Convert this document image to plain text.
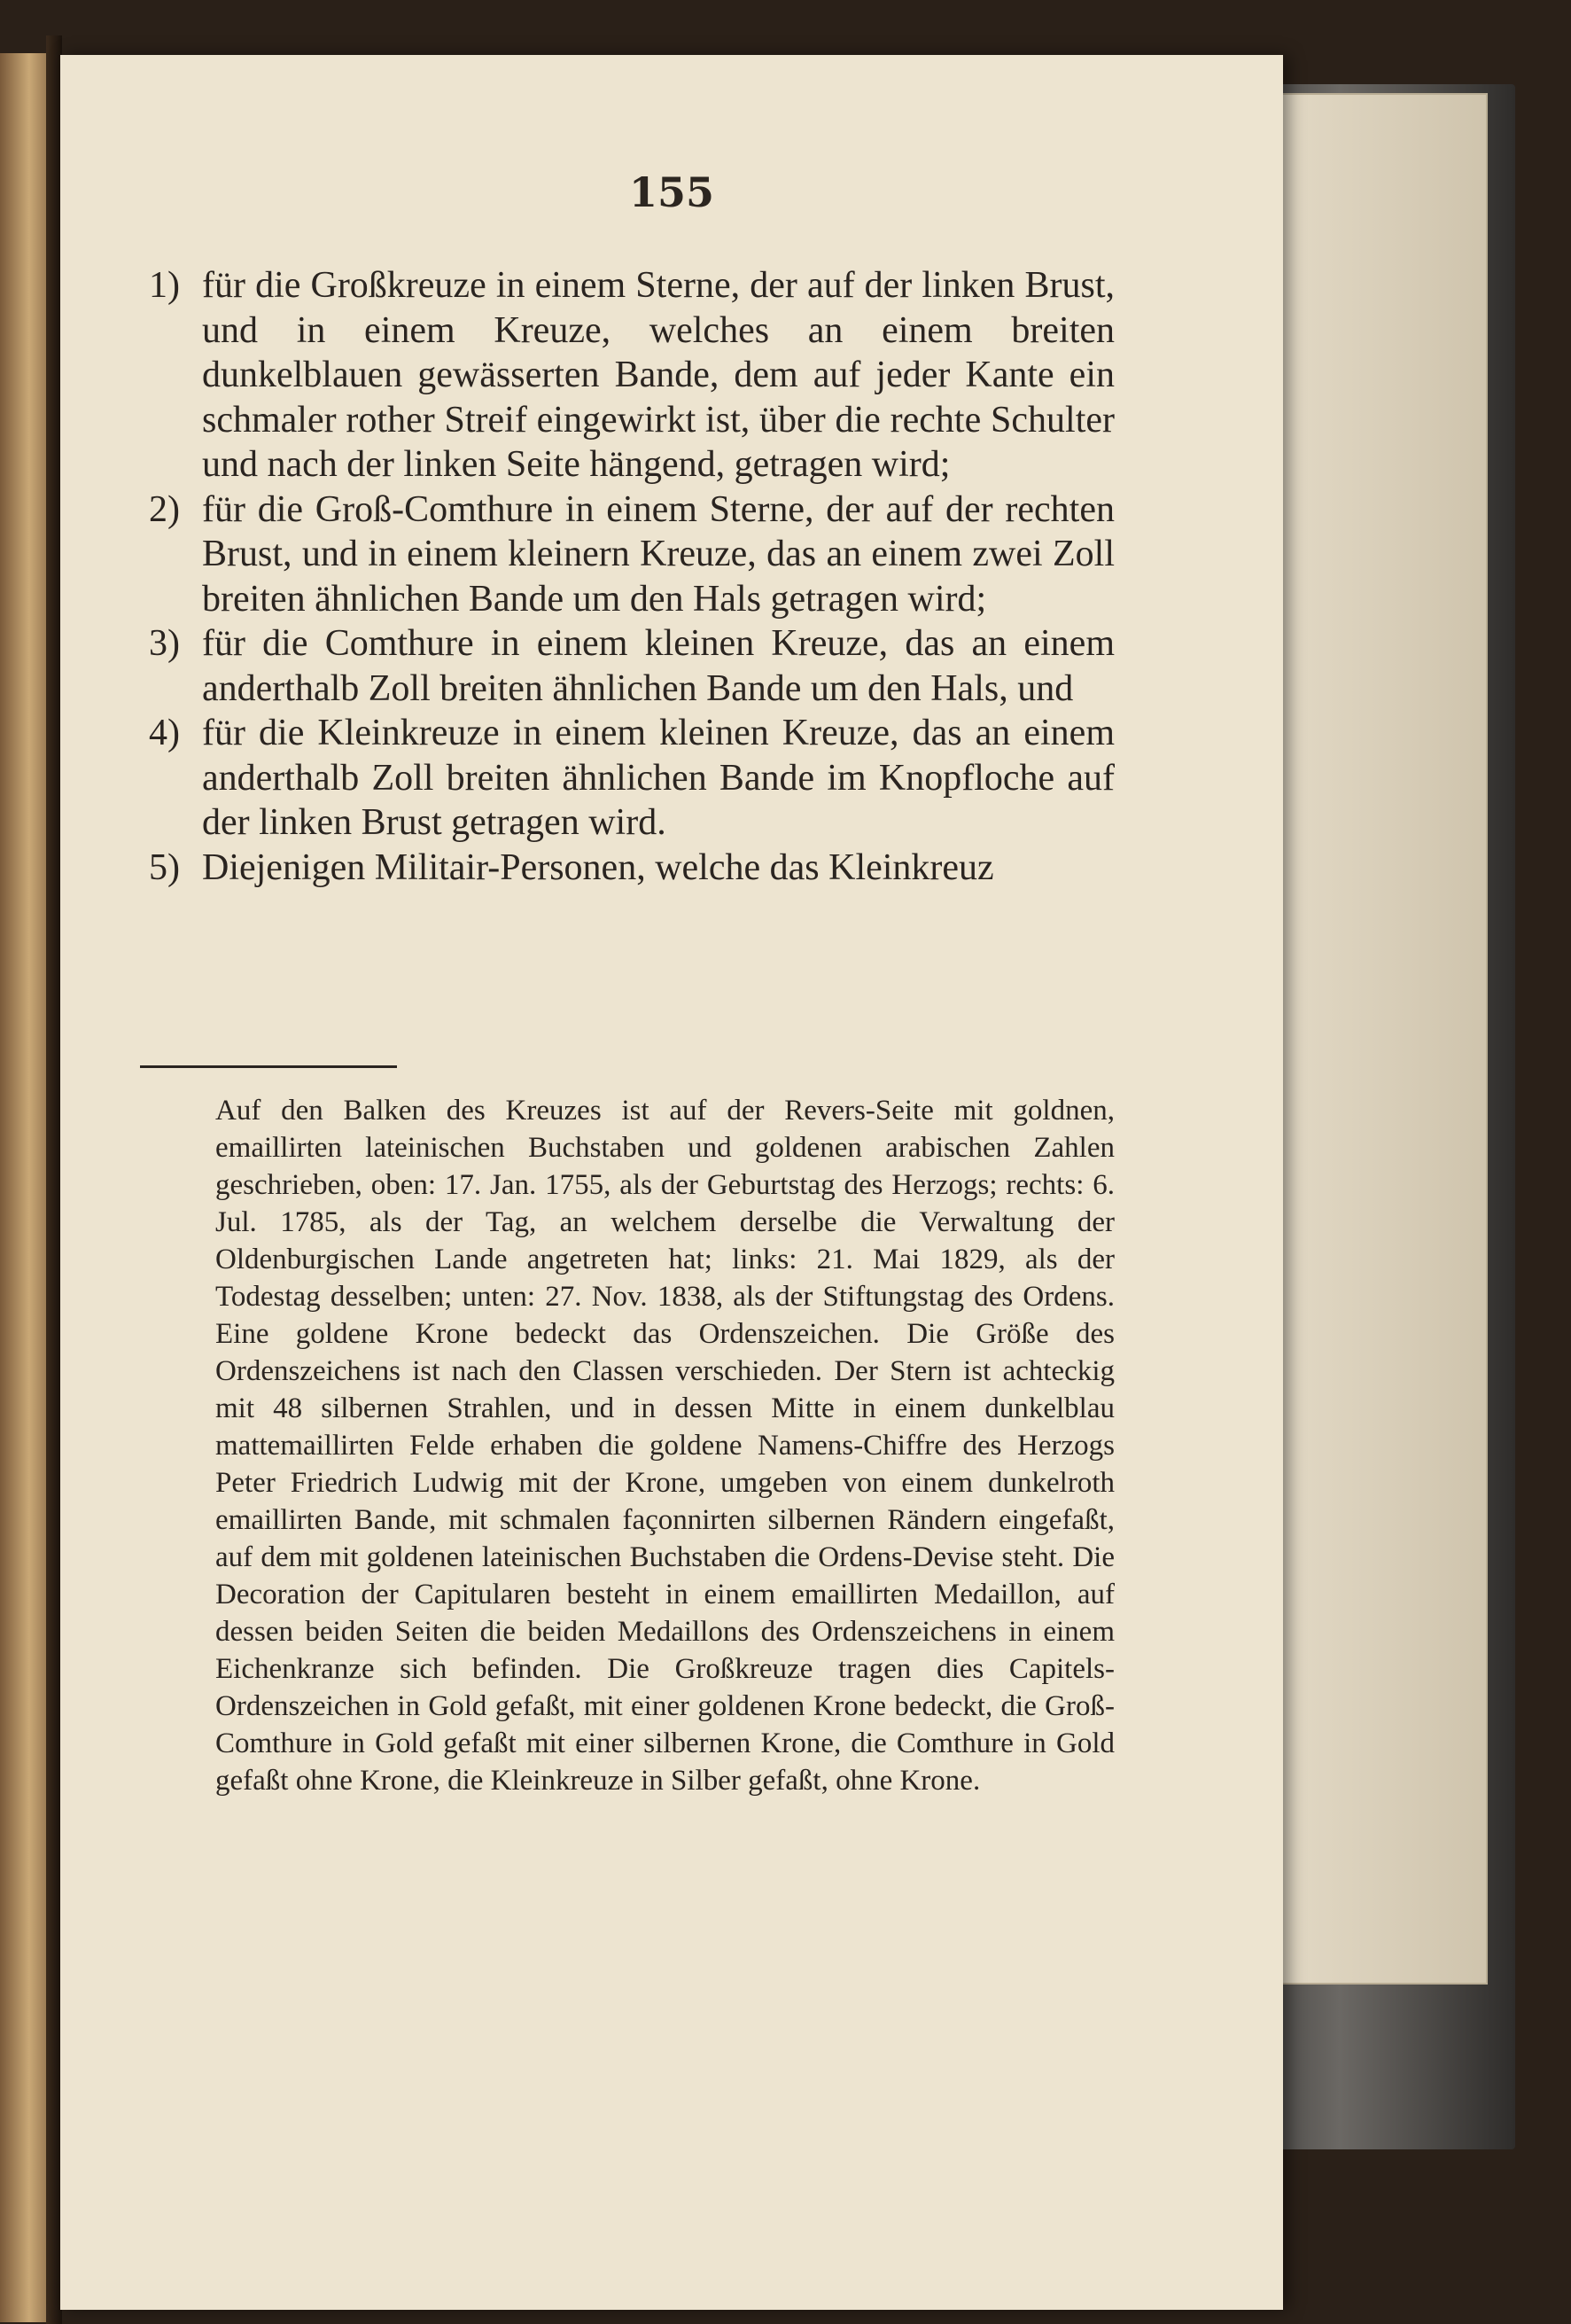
155

1) für die Großkreuze in einem Sterne, der auf der linken Brust, und in einem Kreuze, welches an einem breiten dunkelblauen gewässerten Bande, dem auf jeder Kante ein schmaler rother Streif eingewirkt ist, über die rechte Schulter und nach der linken Seite hängend, getragen wird;

2) für die Groß-Comthure in einem Sterne, der auf der rechten Brust, und in einem kleinern Kreuze, das an einem zwei Zoll breiten ähnlichen Bande um den Hals getragen wird;

3) für die Comthure in einem kleinen Kreuze, das an einem anderthalb Zoll breiten ähnlichen Bande um den Hals, und

4) für die Kleinkreuze in einem kleinen Kreuze, das an einem anderthalb Zoll breiten ähnlichen Bande im Knopfloche auf der linken Brust getragen wird.

5) Diejenigen Militair-Personen, welche das Kleinkreuz

Auf den Balken des Kreuzes ist auf der Revers-Seite mit goldnen, emaillirten lateinischen Buchstaben und goldenen arabischen Zahlen geschrieben, oben: 17. Jan. 1755, als der Geburtstag des Herzogs; rechts: 6. Jul. 1785, als der Tag, an welchem derselbe die Verwaltung der Oldenburgischen Lande angetreten hat; links: 21. Mai 1829, als der Todestag desselben; unten: 27. Nov. 1838, als der Stiftungstag des Ordens. Eine goldene Krone bedeckt das Ordenszeichen. Die Größe des Ordenszeichens ist nach den Classen verschieden. Der Stern ist achteckig mit 48 silbernen Strahlen, und in dessen Mitte in einem dunkelblau mattemaillirten Felde erhaben die goldene Namens-Chiffre des Herzogs Peter Friedrich Ludwig mit der Krone, umgeben von einem dunkelroth emaillirten Bande, mit schmalen façonnirten silbernen Rändern eingefaßt, auf dem mit goldenen lateinischen Buchstaben die Ordens-Devise steht. Die Decoration der Capitularen besteht in einem emaillirten Medaillon, auf dessen beiden Seiten die beiden Medaillons des Ordenszeichens in einem Eichenkranze sich befinden. Die Großkreuze tragen dies Capitels-Ordenszeichen in Gold gefaßt, mit einer goldenen Krone bedeckt, die Groß-Comthure in Gold gefaßt mit einer silbernen Krone, die Comthure in Gold gefaßt ohne Krone, die Kleinkreuze in Silber gefaßt, ohne Krone.
